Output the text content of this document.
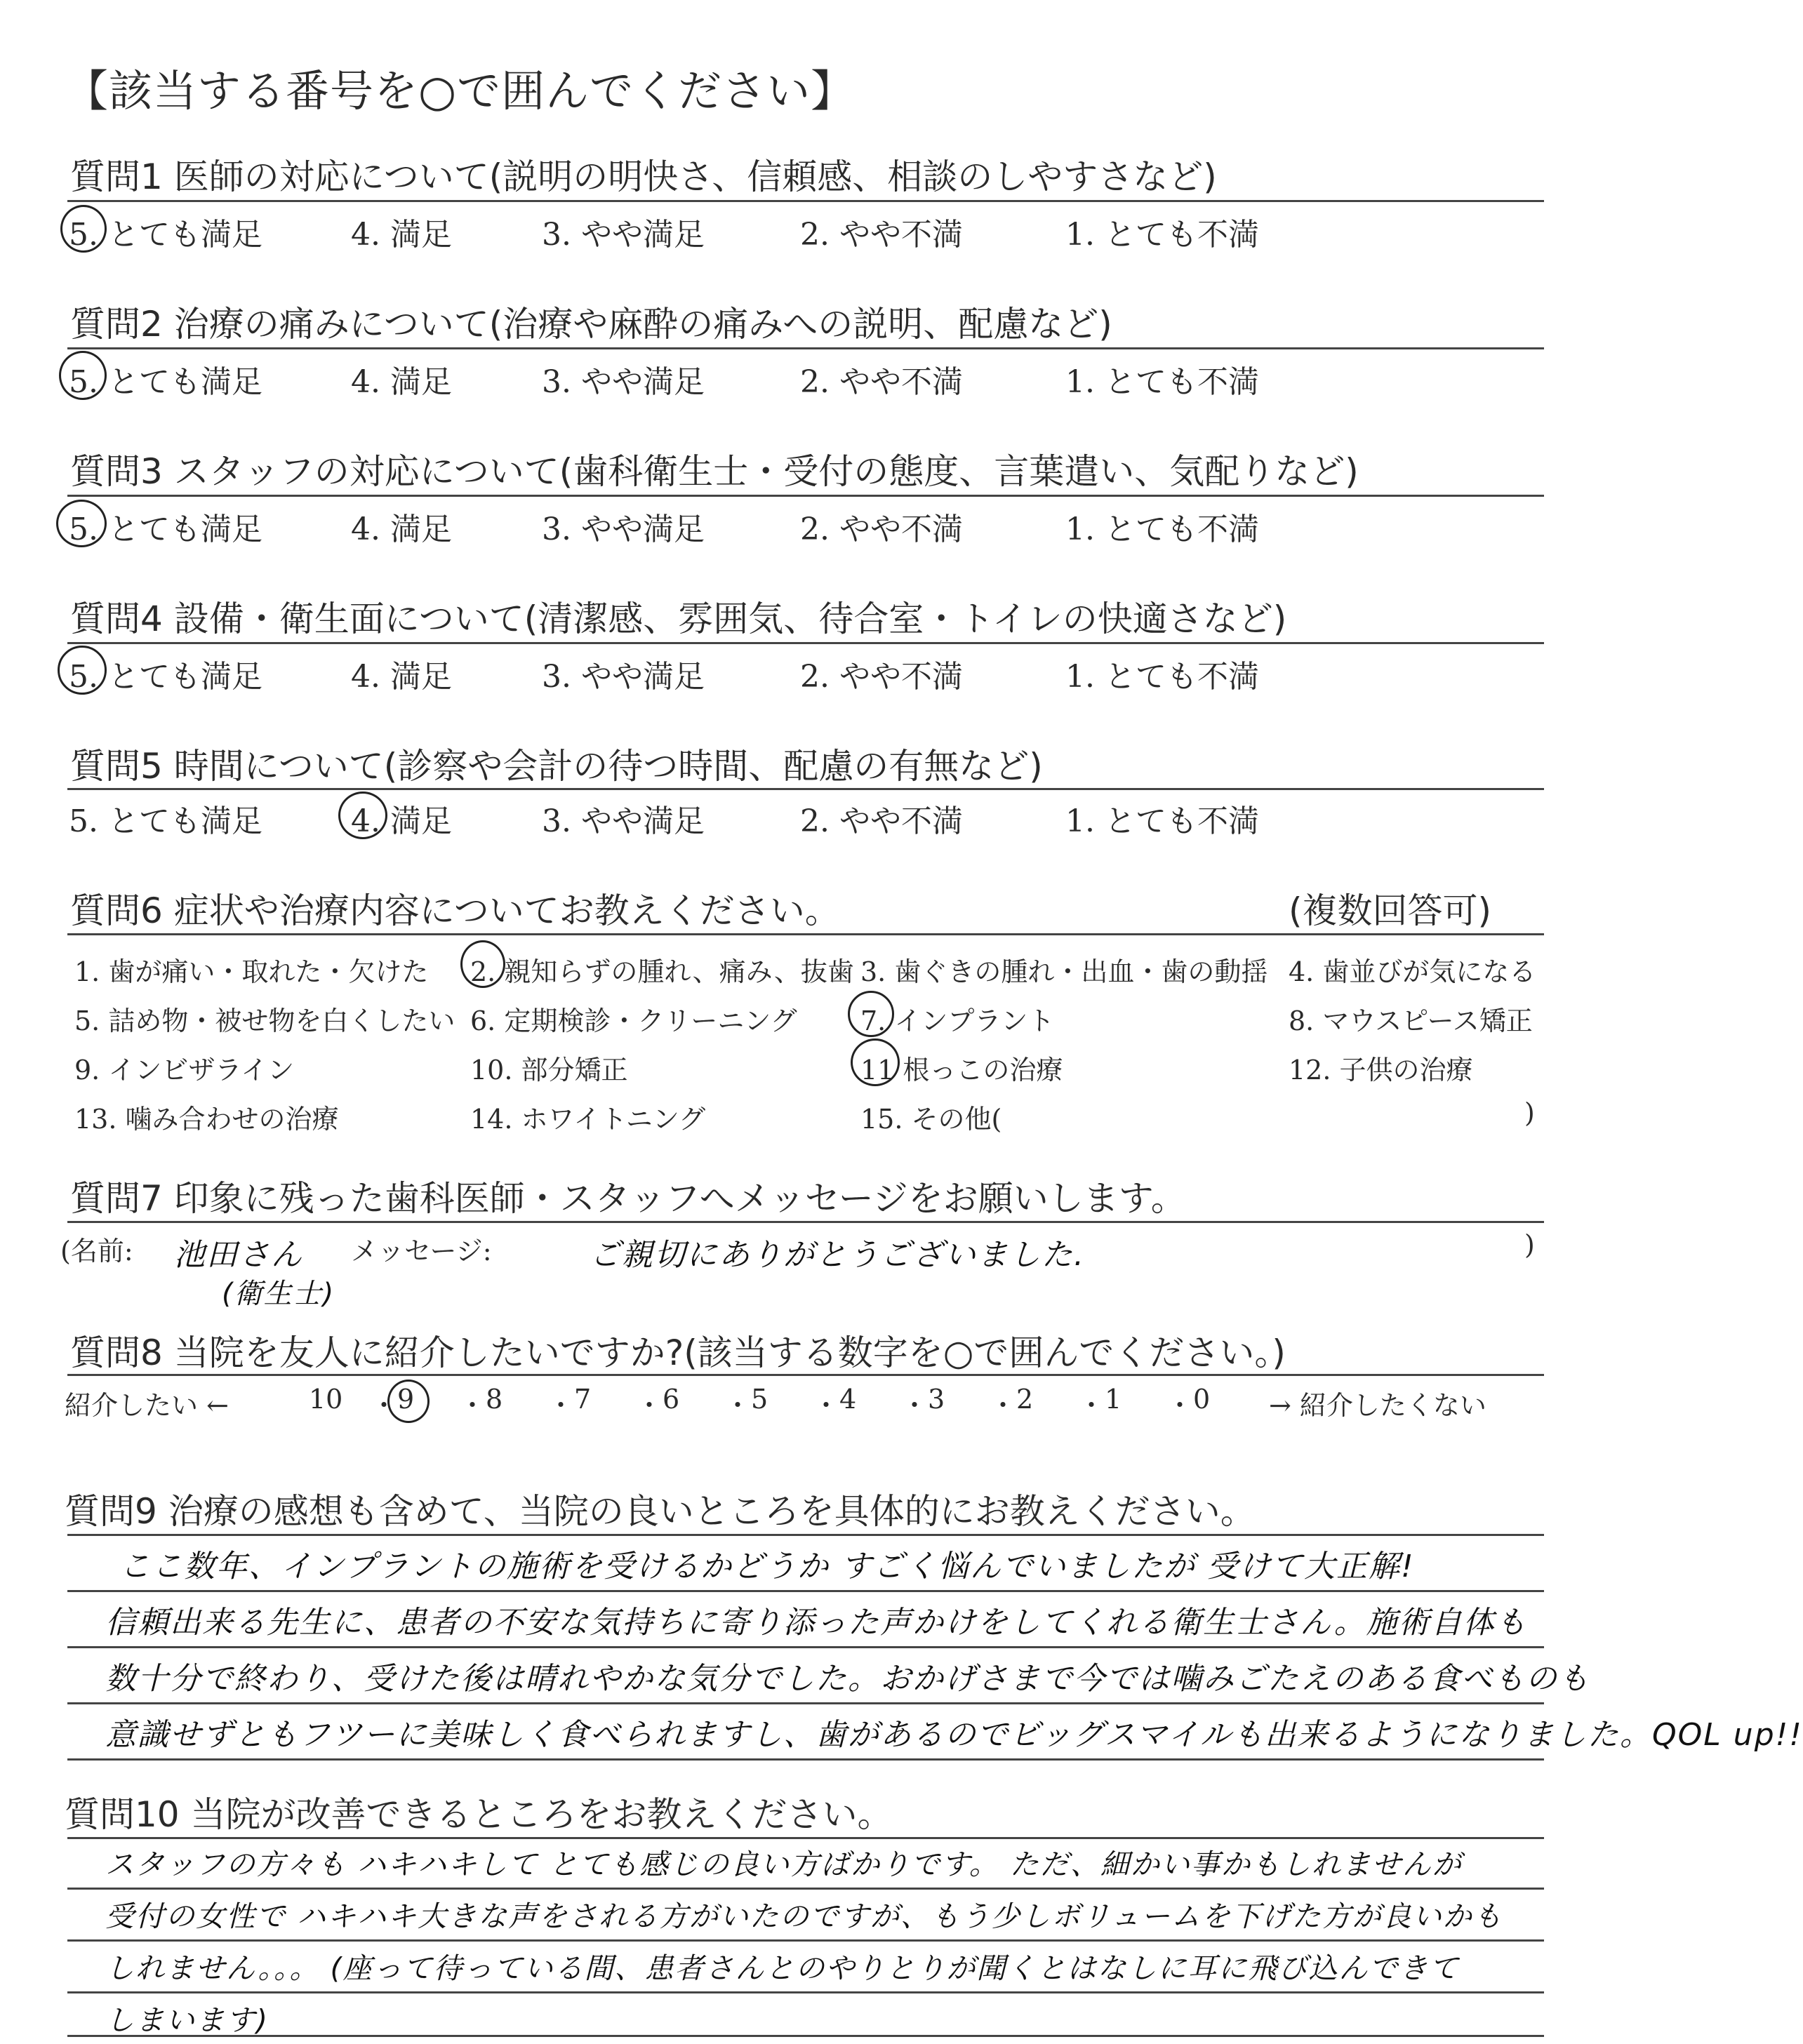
【該当する番号を○で囲んでください】
質問1 医師の対応について(説明の明快さ、信頼感、相談のしやすさなど)
5. とても満足	4. 満足	3. やや満足	2. やや不満	1. とても不満
質問2 治療の痛みについて(治療や麻酔の痛みへの説明、配慮など)
5. とても満足	4. 満足	3. やや満足	2. やや不満	1. とても不満
質問3 スタッフの対応について(歯科衛生士・受付の態度、言葉遣い、気配りなど)
5. とても満足	4. 満足	3. やや満足	2. やや不満	1. とても不満
質問4 設備・衛生面について(清潔感、雰囲気、待合室・トイレの快適さなど)
5. とても満足	4. 満足	3. やや満足	2. やや不満	1. とても不満
質問5 時間について(診察や会計の待つ時間、配慮の有無など)
5. とても満足	4. 満足	3. やや満足	2. やや不満	1. とても不満
質問6 症状や治療内容についてお教えください。	(複数回答可)
1. 歯が痛い・取れた・欠けた 2. 親知らずの腫れ、痛み、抜歯 3. 歯ぐきの腫れ・出血・歯の動揺 4. 歯並びが気になる
5. 詰め物・被せ物を白くしたい 6. 定期検診・クリーニング 7. インプラント	8. マウスピース矯正
9. インビザライン	10. 部分矯正	11 根っこの治療	12. 子供の治療
13. 噛み合わせの治療	14. ホワイトニング	15. その他(	)
質問7 印象に残った歯科医師・スタッフへメッセージをお願いします。
(名前: 池田さん
(衛生士)
メッセージ:	ご親切にありがとうございました.	)
質問8 当院を友人に紹介したいですか?(該当する数字を○で囲んでください。)
紹介したい ←	→ 紹介したくない
10 ・ 9 ・ 8 ・ 7 ・ 6 ・ 5 ・ 4 ・ 3 ・ 2 ・ 1 ・ 0
質問9 治療の感想も含めて、当院の良いところを具体的にお教えください。
ここ数年、インプラントの施術を受けるかどうか すごく悩んでいましたが 受けて大正解!
信頼出来る先生に、患者の不安な気持ちに寄り添った声かけをしてくれる衛生士さん。施術自体も
数十分で終わり、受けた後は晴れやかな気分でした。おかげさまで今では噛みごたえのある食べものも
意識せずともフツーに美味しく食べられますし、歯があるのでビッグスマイルも出来るようになりました。QOL up!!
質問10 当院が改善できるところをお教えください。
スタッフの方々も ハキハキして とても感じの良い方ばかりです。 ただ、細かい事かもしれませんが
受付の女性で ハキハキ大きな声をされる方がいたのですが、もう少しボリュームを下げた方が良いかも
しれません。。。 (座って待っている間、患者さんとのやりとりが聞くとはなしに耳に飛び込んできて
しまいます)
